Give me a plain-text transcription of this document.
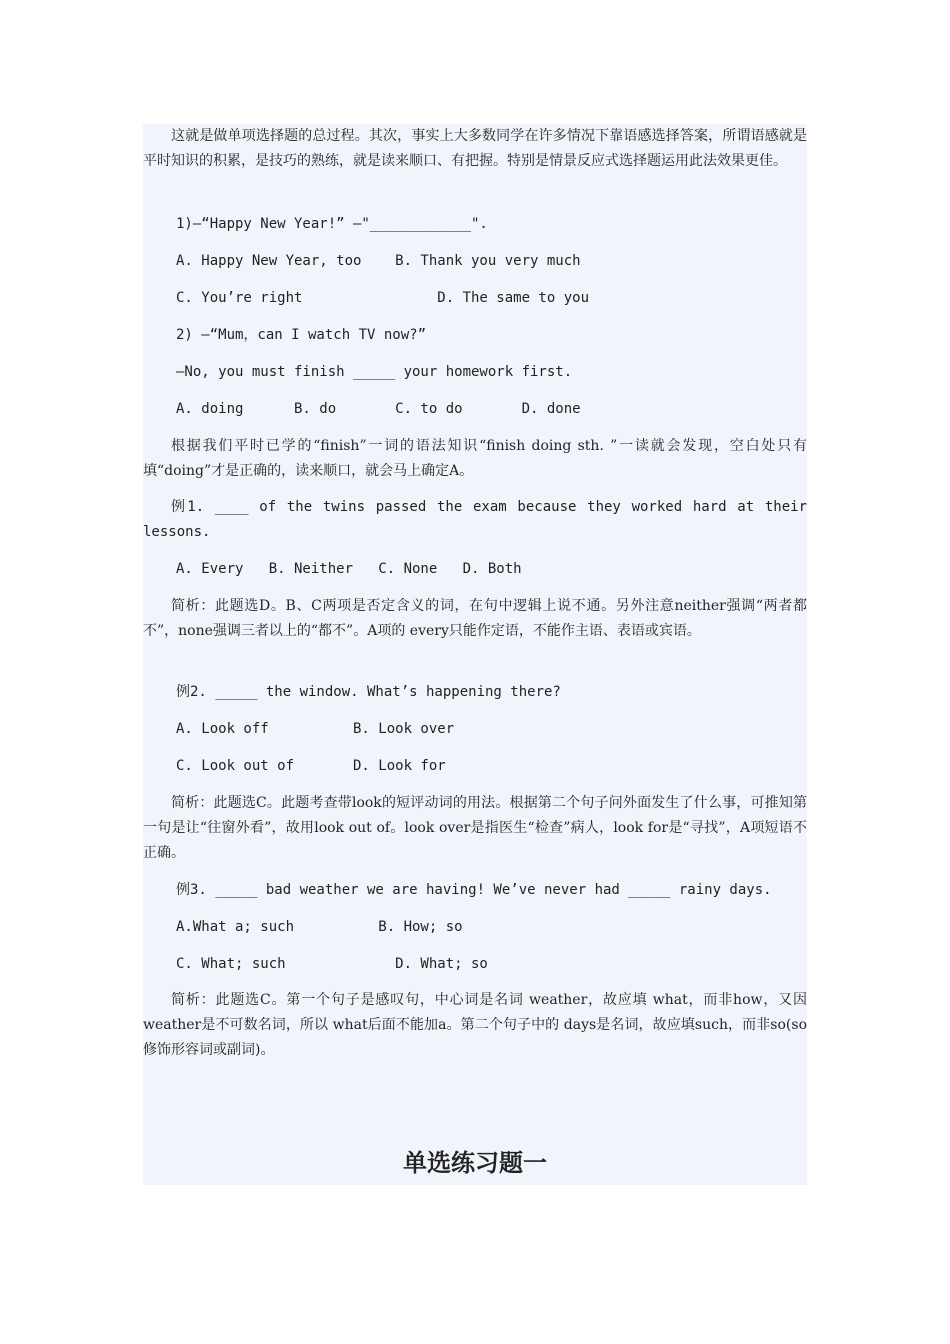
这就是做单项选择题的总过程。其次，事实上大多数同学在许多情况下靠语感选择答案，所谓语感就是平时知识的积累，是技巧的熟练，就是读来顺口、有把握。特别是情景反应式选择题运用此法效果更佳。

1)—“Happy New Year!” —"____________".

A. Happy New Year, too    B. Thank you very much

C. You’re right                D. The same to you

2) —“Mum，can I watch TV now?”

—No, you must finish _____ your homework first.

A. doing      B. do       C. to do       D. done

根据我们平时已学的“finish”一词的语法知识“finish doing sth. ”一读就会发现，空白处只有填“doing”才是正确的，读来顺口，就会马上确定A。

例1. ____ of the twins passed the exam because they worked hard at their lessons.

A. Every   B. Neither   C. None   D. Both

简析：此题选D。B、C两项是否定含义的词，在句中逻辑上说不通。另外注意neither强调“两者都不”，none强调三者以上的“都不”。A项的 every只能作定语，不能作主语、表语或宾语。

例2. _____ the window. What’s happening there?

A. Look off          B. Look over

C. Look out of       D. Look for

简析：此题选C。此题考查带look的短评动词的用法。根据第二个句子问外面发生了什么事，可推知第一句是让“往窗外看”，故用look out of。look over是指医生“检查”病人，look for是“寻找”，A项短语不正确。

例3. _____ bad weather we are having! We’ve never had _____ rainy days.

A.What a; such          B. How; so

C. What; such             D. What; so

简析：此题选C。第一个句子是感叹句，中心词是名词 weather，故应填 what，而非how，又因 weather是不可数名词，所以 what后面不能加a。第二个句子中的 days是名词，故应填such，而非so(so修饰形容词或副词)。

单选练习题一
